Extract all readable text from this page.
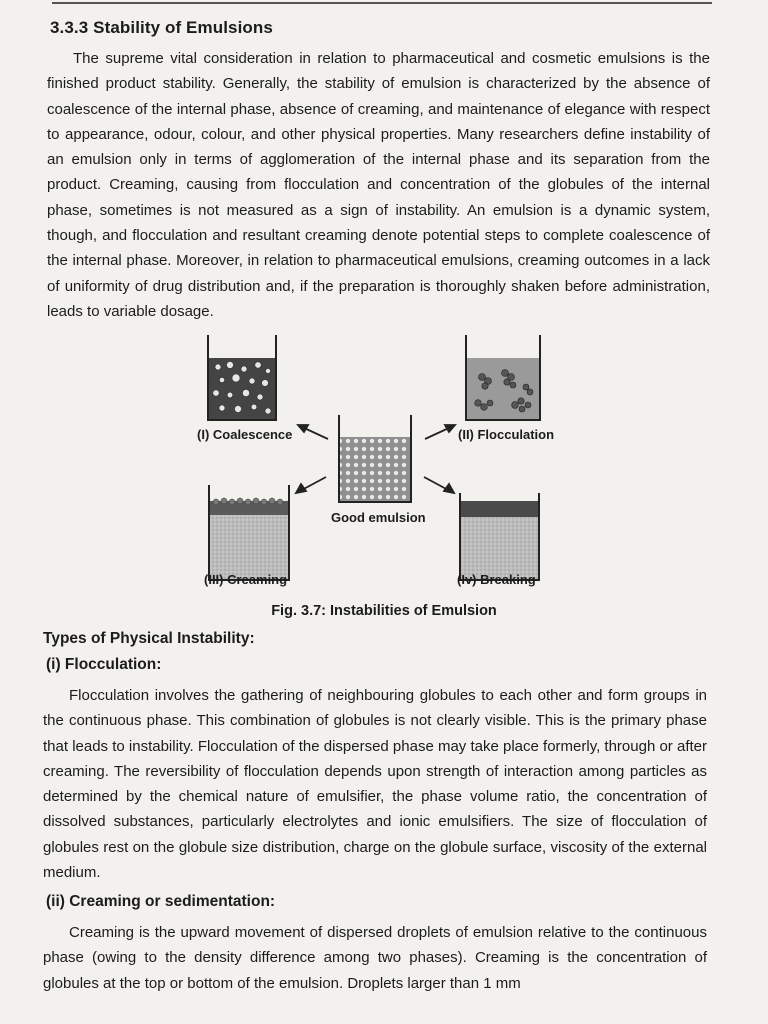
3.3.3 Stability of Emulsions

The supreme vital consideration in relation to pharmaceutical and cosmetic emulsions is the finished product stability. Generally, the stability of emulsion is characterized by the absence of coalescence of the internal phase, absence of creaming, and maintenance of elegance with respect to appearance, odour, colour, and other physical properties. Many researchers define instability of an emulsion only in terms of agglomeration of the internal phase and its separation from the product. Creaming, causing from flocculation and concentration of the globules of the internal phase, sometimes is not measured as a sign of instability. An emulsion is a dynamic system, though, and flocculation and resultant creaming denote potential steps to complete coalescence of the internal phase. Moreover, in relation to pharmaceutical emulsions, creaming outcomes in a lack of uniformity of drug distribution and, if the preparation is thoroughly shaken before administration, leads to variable dosage.

(I) Coalescence	(II) Flocculation
Good emulsion
(III) Creaming	(Iv) Breaking

Fig. 3.7: Instabilities of Emulsion

Types of Physical Instability:
(i) Flocculation:

Flocculation involves the gathering of neighbouring globules to each other and form groups in the continuous phase. This combination of globules is not clearly visible. This is the primary phase that leads to instability. Flocculation of the dispersed phase may take place formerly, through or after creaming. The reversibility of flocculation depends upon strength of interaction among particles as determined by the chemical nature of emulsifier, the phase volume ratio, the concentration of dissolved substances, particularly electrolytes and ionic emulsifiers. The size of flocculation of globules rest on the globule size distribution, charge on the globule surface, viscosity of the external medium.

(ii) Creaming or sedimentation:

Creaming is the upward movement of dispersed droplets of emulsion relative to the continuous phase (owing to the density difference among two phases). Creaming is the concentration of globules at the top or bottom of the emulsion. Droplets larger than 1 mm
